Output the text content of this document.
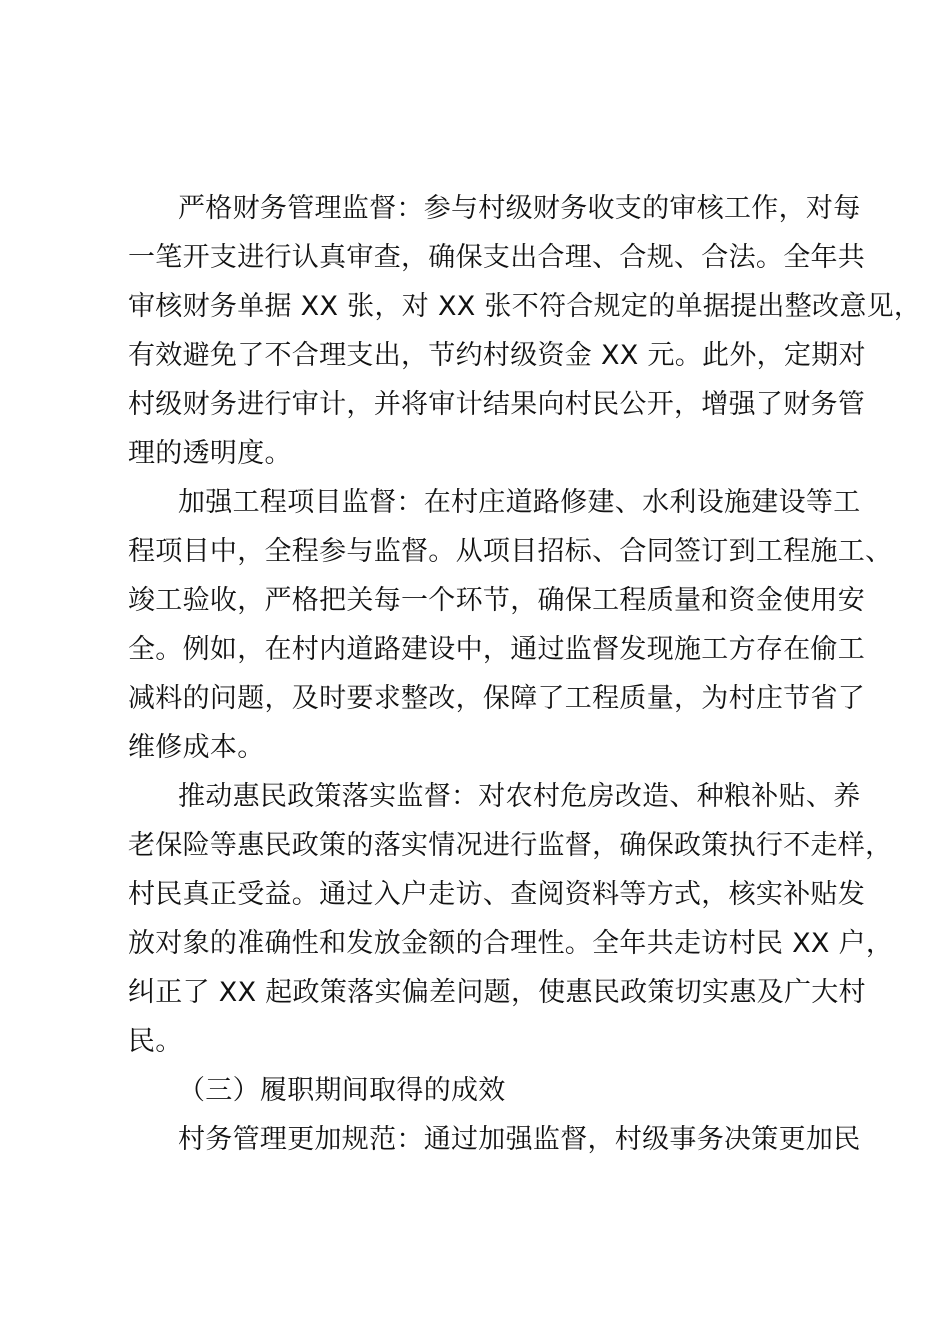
严格财务管理监督：参与村级财务收支的审核工作，对每
一笔开支进行认真审查，确保支出合理、合规、合法。全年共
审核财务单据 XX 张，对 XX 张不符合规定的单据提出整改意见，
有效避免了不合理支出，节约村级资金 XX 元。此外，定期对
村级财务进行审计，并将审计结果向村民公开，增强了财务管
理的透明度。

加强工程项目监督：在村庄道路修建、水利设施建设等工
程项目中，全程参与监督。从项目招标、合同签订到工程施工、
竣工验收，严格把关每一个环节，确保工程质量和资金使用安
全。例如，在村内道路建设中，通过监督发现施工方存在偷工
减料的问题，及时要求整改，保障了工程质量，为村庄节省了
维修成本。

推动惠民政策落实监督：对农村危房改造、种粮补贴、养
老保险等惠民政策的落实情况进行监督，确保政策执行不走样，
村民真正受益。通过入户走访、查阅资料等方式，核实补贴发
放对象的准确性和发放金额的合理性。全年共走访村民 XX 户，
纠正了 XX 起政策落实偏差问题，使惠民政策切实惠及广大村
民。

（三）履职期间取得的成效

村务管理更加规范：通过加强监督，村级事务决策更加民
